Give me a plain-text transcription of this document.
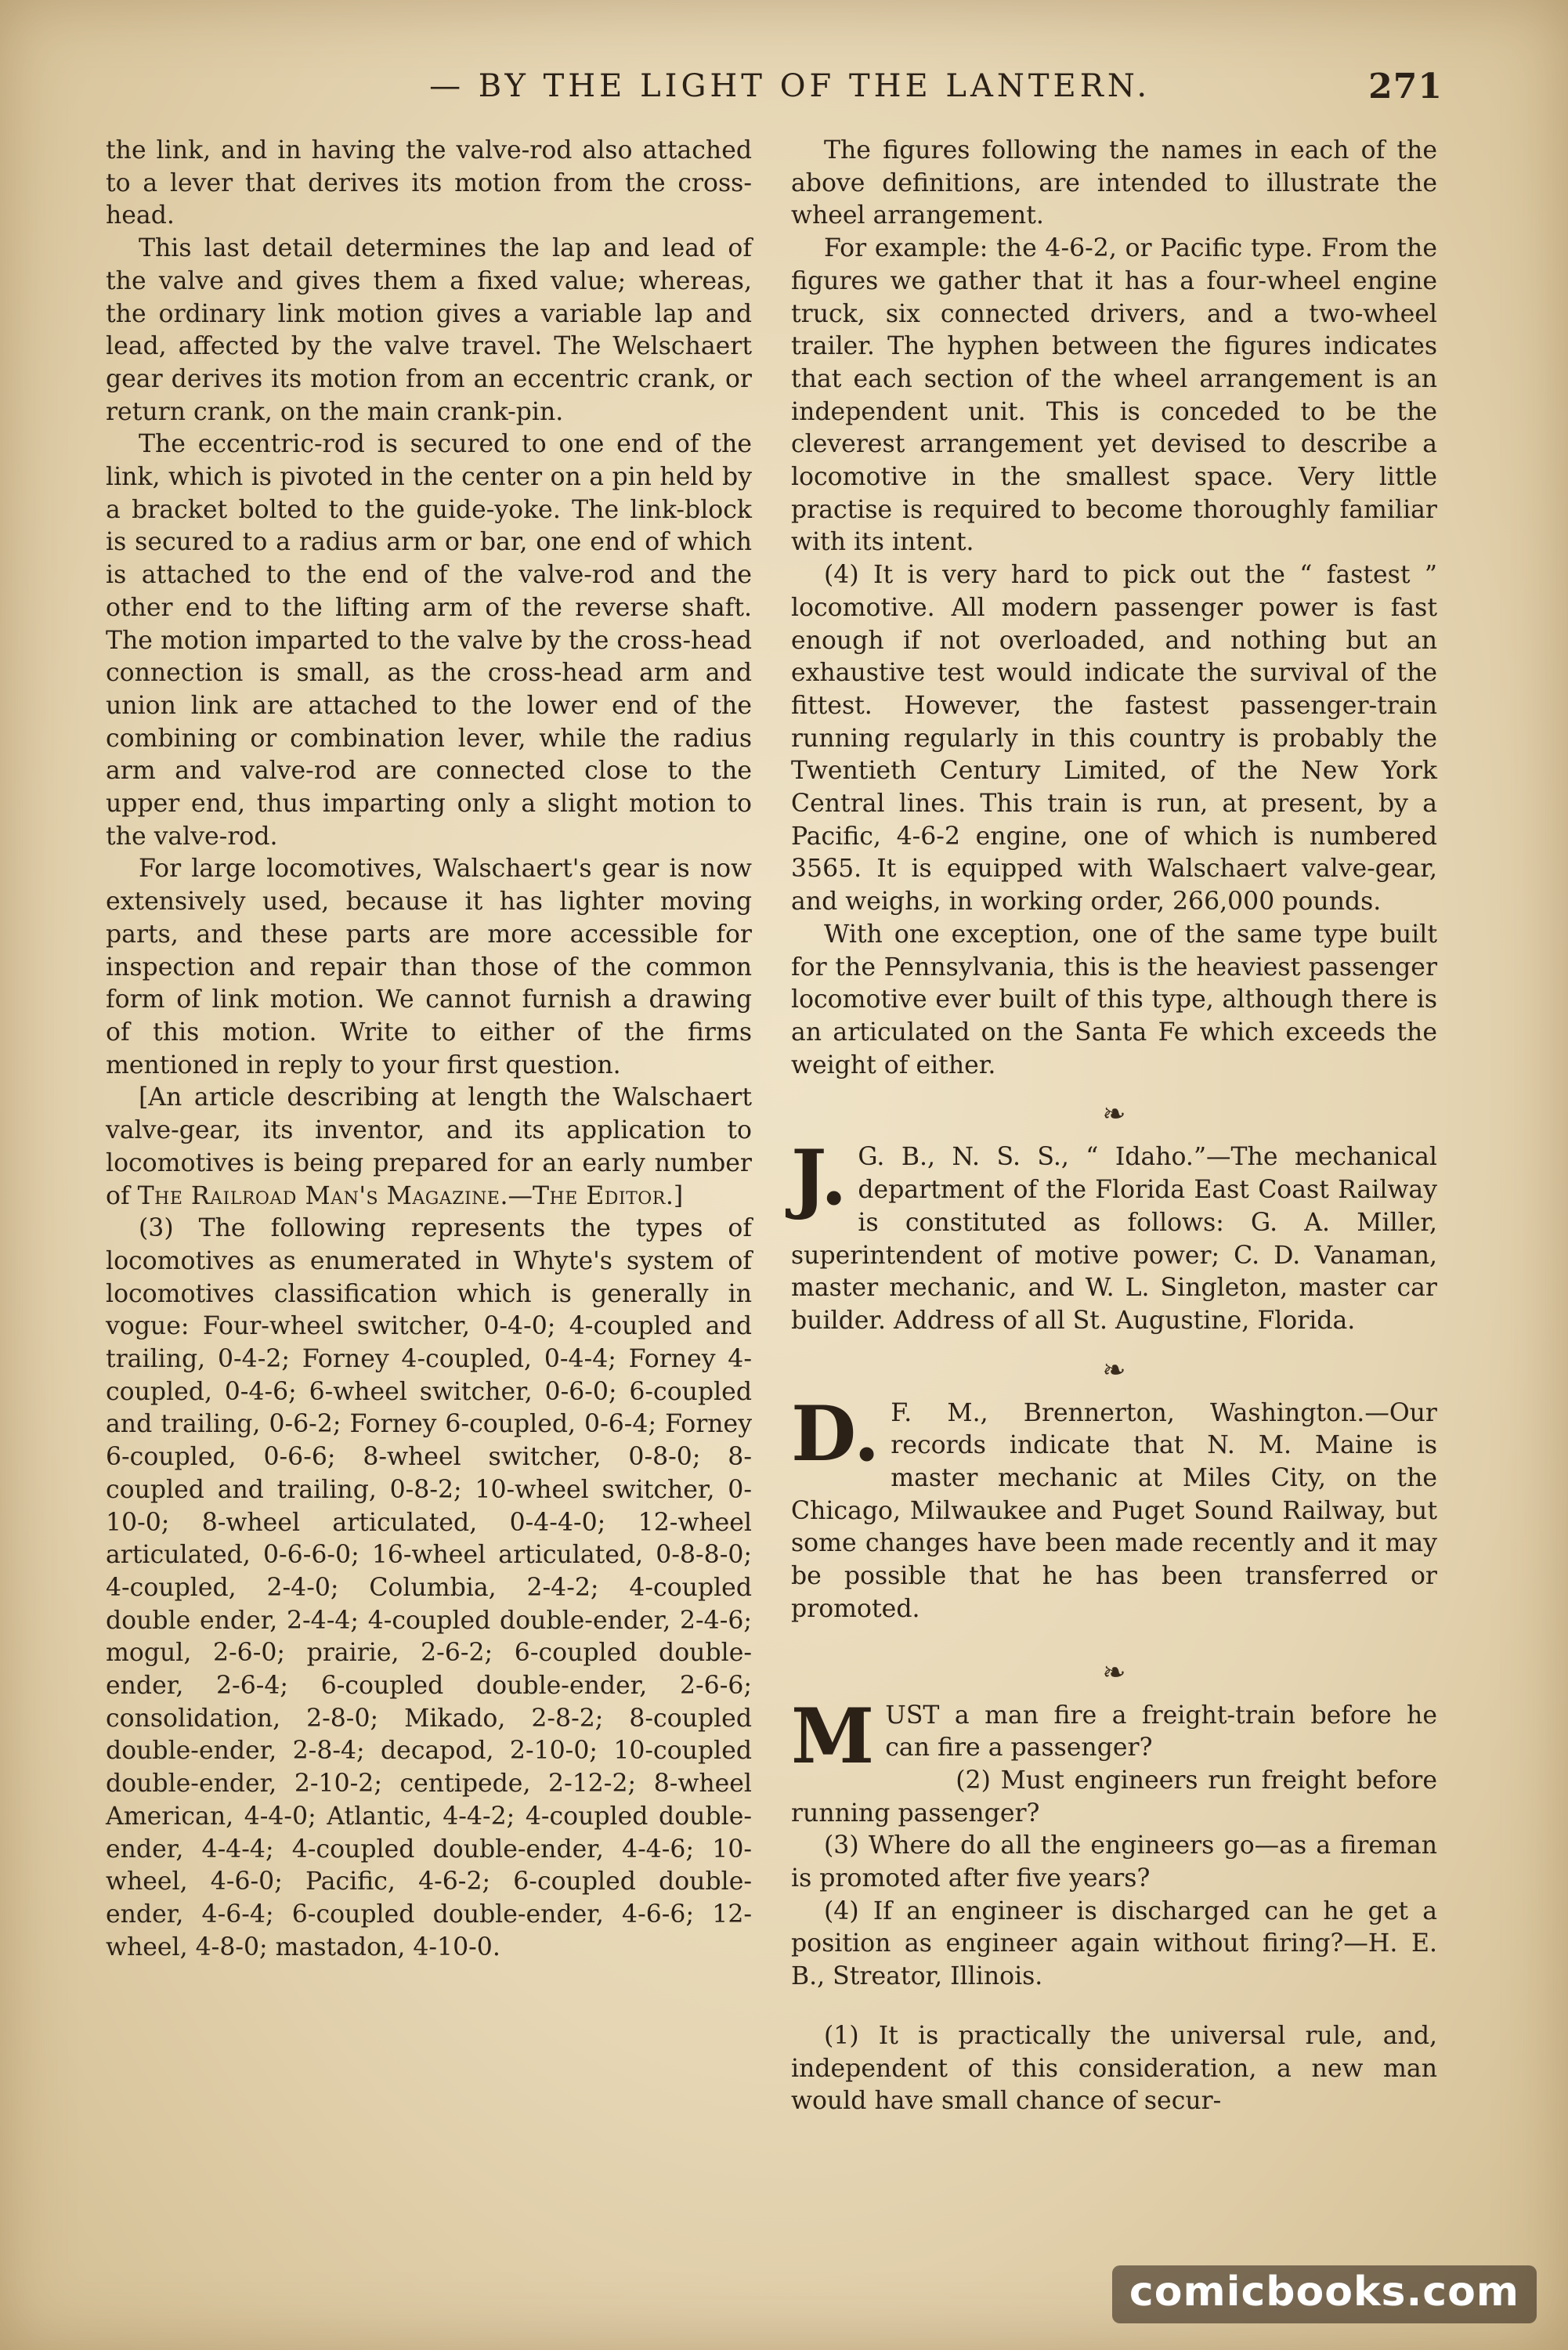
— BY THE LIGHT OF THE LANTERN.	271

the link, and in having the valve-rod also attached to a lever that derives its motion from the cross-head.

This last detail determines the lap and lead of the valve and gives them a fixed value; whereas, the ordinary link motion gives a variable lap and lead, affected by the valve travel. The Welschaert gear derives its motion from an eccentric crank, or return crank, on the main crank-pin.

The eccentric-rod is secured to one end of the link, which is pivoted in the center on a pin held by a bracket bolted to the guide-yoke. The link-block is secured to a radius arm or bar, one end of which is attached to the end of the valve-rod and the other end to the lifting arm of the reverse shaft. The motion imparted to the valve by the cross-head connection is small, as the cross-head arm and union link are attached to the lower end of the combining or combination lever, while the radius arm and valve-rod are connected close to the upper end, thus imparting only a slight motion to the valve-rod.

For large locomotives, Walschaert's gear is now extensively used, because it has lighter moving parts, and these parts are more accessible for inspection and repair than those of the common form of link motion. We cannot furnish a drawing of this motion. Write to either of the firms mentioned in reply to your first question.

[An article describing at length the Walschaert valve-gear, its inventor, and its application to locomotives is being prepared for an early number of The Railroad Man's Magazine.—The Editor.]

(3) The following represents the types of locomotives as enumerated in Whyte's system of locomotives classification which is generally in vogue: Four-wheel switcher, 0-4-0; 4-coupled and trailing, 0-4-2; Forney 4-coupled, 0-4-4; Forney 4-coupled, 0-4-6; 6-wheel switcher, 0-6-0; 6-coupled and trailing, 0-6-2; Forney 6-coupled, 0-6-4; Forney 6-coupled, 0-6-6; 8-wheel switcher, 0-8-0; 8-coupled and trailing, 0-8-2; 10-wheel switcher, 0-10-0; 8-wheel articulated, 0-4-4-0; 12-wheel articulated, 0-6-6-0; 16-wheel articulated, 0-8-8-0; 4-coupled, 2-4-0; Columbia, 2-4-2; 4-coupled double ender, 2-4-4; 4-coupled double-ender, 2-4-6; mogul, 2-6-0; prairie, 2-6-2; 6-coupled double-ender, 2-6-4; 6-coupled double-ender, 2-6-6; consolidation, 2-8-0; Mikado, 2-8-2; 8-coupled double-ender, 2-8-4; decapod, 2-10-0; 10-coupled double-ender, 2-10-2; centipede, 2-12-2; 8-wheel American, 4-4-0; Atlantic, 4-4-2; 4-coupled double-ender, 4-4-4; 4-coupled double-ender, 4-4-6; 10-wheel, 4-6-0; Pacific, 4-6-2; 6-coupled double-ender, 4-6-4; 6-coupled double-ender, 4-6-6; 12-wheel, 4-8-0; mastadon, 4-10-0.

The figures following the names in each of the above definitions, are intended to illustrate the wheel arrangement.

For example: the 4-6-2, or Pacific type. From the figures we gather that it has a four-wheel engine truck, six connected drivers, and a two-wheel trailer. The hyphen between the figures indicates that each section of the wheel arrangement is an independent unit. This is conceded to be the cleverest arrangement yet devised to describe a locomotive in the smallest space. Very little practise is required to become thoroughly familiar with its intent.

(4) It is very hard to pick out the “ fastest ” locomotive. All modern passenger power is fast enough if not overloaded, and nothing but an exhaustive test would indicate the survival of the fittest. However, the fastest passenger-train running regularly in this country is probably the Twentieth Century Limited, of the New York Central lines. This train is run, at present, by a Pacific, 4-6-2 engine, one of which is numbered 3565. It is equipped with Walschaert valve-gear, and weighs, in working order, 266,000 pounds.

With one exception, one of the same type built for the Pennsylvania, this is the heaviest passenger locomotive ever built of this type, although there is an articulated on the Santa Fe which exceeds the weight of either.

❧
J. G. B., N. S. S., “ Idaho.”—The mechanical department of the Florida East Coast Railway is constituted as follows: G. A. Miller, superintendent of motive power; C. D. Vanaman, master mechanic, and W. L. Singleton, master car builder. Address of all St. Augustine, Florida.

❧
D. F. M., Brennerton, Washington.—Our records indicate that N. M. Maine is master mechanic at Miles City, on the Chicago, Milwaukee and Puget Sound Railway, but some changes have been made recently and it may be possible that he has been transferred or promoted.

❧
M UST a man fire a freight-train before he can fire a passenger?

(2) Must engineers run freight before running passenger?

(3) Where do all the engineers go—as a fireman is promoted after five years?

(4) If an engineer is discharged can he get a position as engineer again without firing?—H. E. B., Streator, Illinois.

(1) It is practically the universal rule, and, independent of this consideration, a new man would have small chance of secur-

comicbooks.com
